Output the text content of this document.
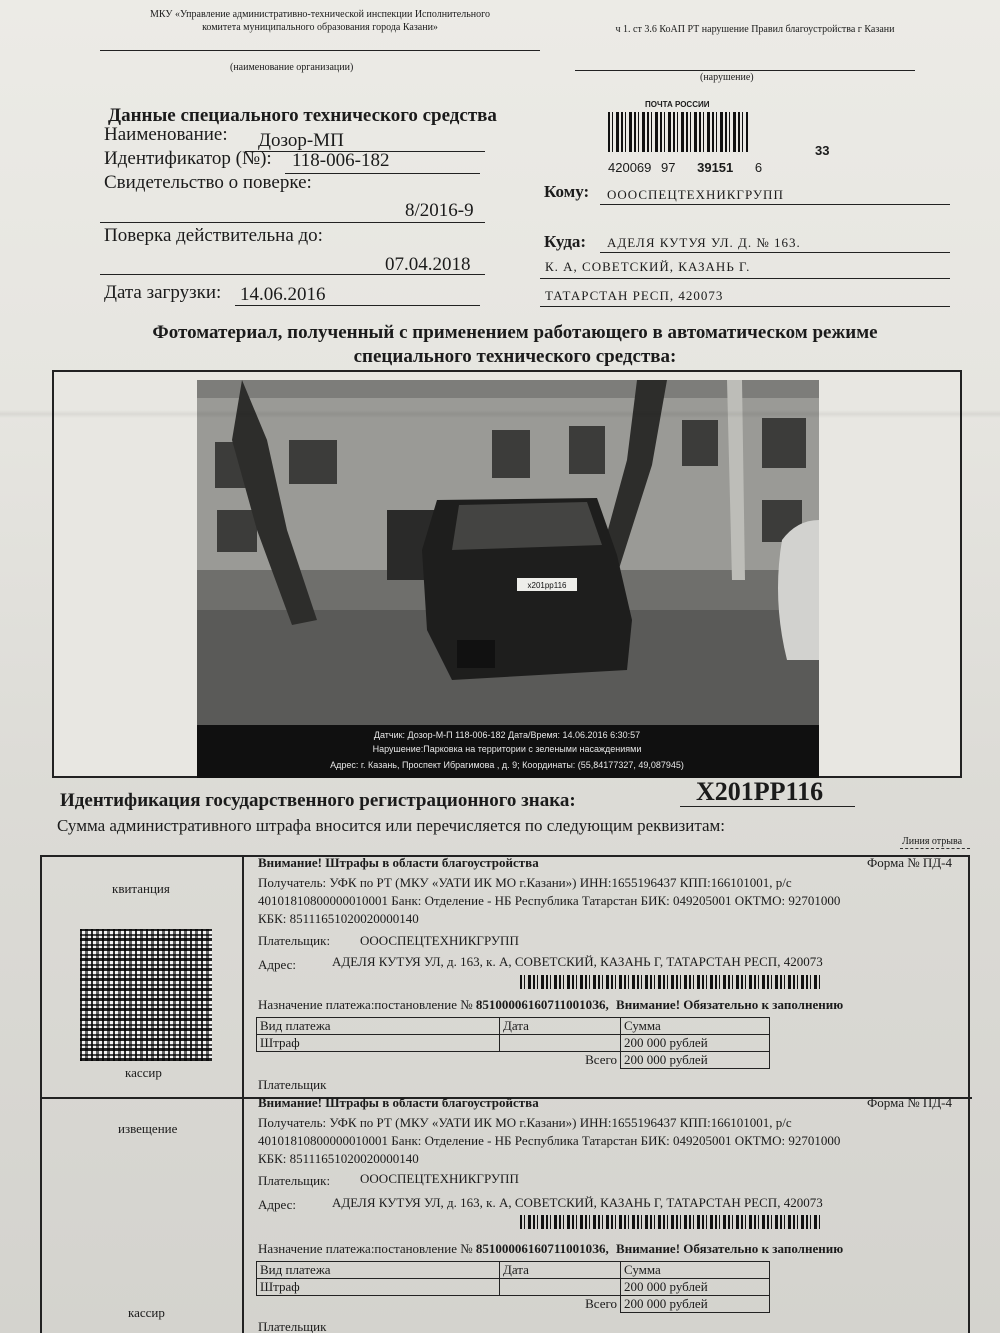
МКУ «Управление административно-технической инспекции Исполнительного
комитета муниципального образования города Казани»
(наименование организации)
ч 1. ст 3.6 КоАП РТ нарушение Правил благоустройства г Казани
(нарушение)
Данные специального технического средства
Наименование: Дозор-МП
Идентификатор (№): 118-006-182
Свидетельство о поверке:
8/2016-9
Поверка действительна до:
07.04.2018
Дата загрузки: 14.06.2016
ПОЧТА РОССИИ
420069 97 39151 6
33
Кому: ОООСПЕЦТЕХНИКГРУПП
Куда: АДЕЛЯ КУТУЯ УЛ. Д. № 163.
К. А, СОВЕТСКИЙ, КАЗАНЬ Г.
ТАТАРСТАН РЕСП, 420073
Фотоматериал, полученный с применением работающего в автоматическом режиме
специального технического средства:
х201рр116
Датчик: Дозор-М-П 118-006-182 Дата/Время: 14.06.2016 6:30:57
Нарушение:Парковка на территории с зелеными насаждениями
Адрес: г. Казань, Проспект Ибрагимова , д. 9; Координаты: (55,84177327, 49,087945)
Идентификация государственного регистрационного знака:	Х201РР116
Сумма административного штрафа вносится или перечисляется по следующим реквизитам:
Линия отрыва
квитанция
кассир
Внимание! Штрафы в области благоустройства	Форма № ПД-4
Получатель: УФК по РТ (МКУ «УАТИ ИК МО г.Казани») ИНН:1655196437 КПП:166101001, р/с
40101810800000010001 Банк: Отделение - НБ Республика Татарстан БИК: 049205001 ОКТМО: 92701000
КБК: 85111651020020000140
Плательщик: ОООСПЕЦТЕХНИКГРУПП
Адрес:	АДЕЛЯ КУТУЯ УЛ, д. 163, к. А, СОВЕТСКИЙ, КАЗАНЬ Г, ТАТАРСТАН РЕСП, 420073
Назначение платежа:постановление № 851000061607110010З6, Внимание! Обязательно к заполнению
Вид платежа	Дата	Сумма
Штраф		200 000 рублей
	Всего	200 000 рублей
Плательщик
извещение
кассир
Внимание! Штрафы в области благоустройства	Форма № ПД-4
Получатель: УФК по РТ (МКУ «УАТИ ИК МО г.Казани») ИНН:1655196437 КПП:166101001, р/с
40101810800000010001 Банк: Отделение - НБ Республика Татарстан БИК: 049205001 ОКТМО: 92701000
КБК: 85111651020020000140
Плательщик: ОООСПЕЦТЕХНИКГРУПП
Адрес:	АДЕЛЯ КУТУЯ УЛ, д. 163, к. А, СОВЕТСКИЙ, КАЗАНЬ Г, ТАТАРСТАН РЕСП, 420073
Назначение платежа:постановление № 851000061607110010З6, Внимание! Обязательно к заполнению
Вид платежа	Дата	Сумма
Штраф		200 000 рублей
	Всего	200 000 рублей
Плательщик
